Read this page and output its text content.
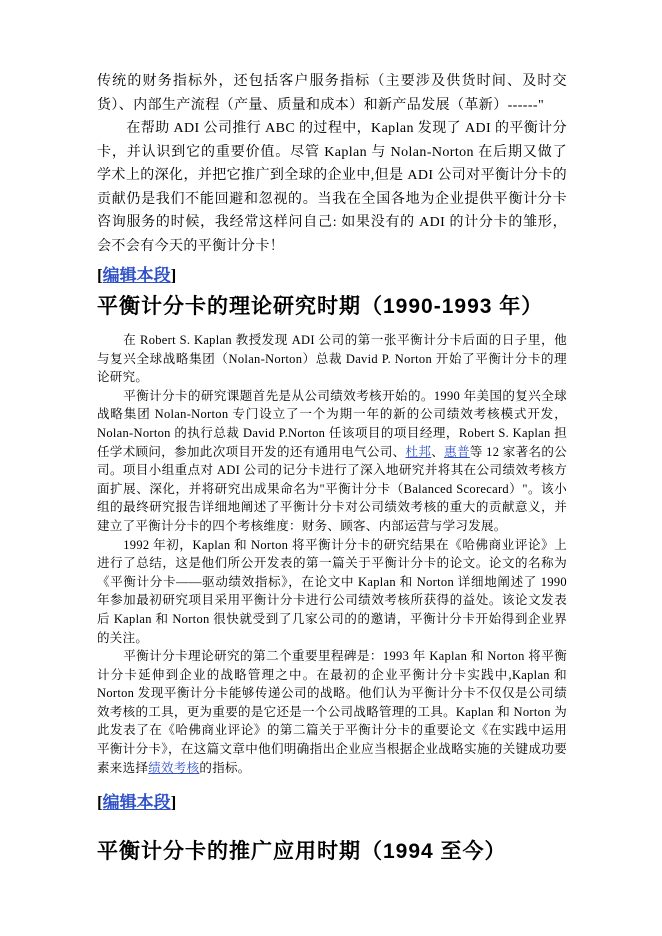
传统的财务指标外，还包括客户服务指标（主要涉及供货时间、及时交货）、内部生产流程（产量、质量和成本）和新产品发展（革新）------"

在帮助 ADI 公司推行 ABC 的过程中，Kaplan 发现了 ADI 的平衡计分卡，并认识到它的重要价值。尽管 Kaplan 与 Nolan-Norton 在后期又做了学术上的深化，并把它推广到全球的企业中,但是 ADI 公司对平衡计分卡的贡献仍是我们不能回避和忽视的。当我在全国各地为企业提供平衡计分卡咨询服务的时候，我经常这样问自己: 如果没有的 ADI 的计分卡的雏形，会不会有今天的平衡计分卡！

[编辑本段]
平衡计分卡的理论研究时期（1990-1993 年）

在 Robert S. Kaplan 教授发现 ADI 公司的第一张平衡计分卡后面的日子里，他与复兴全球战略集团（Nolan-Norton）总裁 David P. Norton 开始了平衡计分卡的理论研究。

平衡计分卡的研究课题首先是从公司绩效考核开始的。1990 年美国的复兴全球战略集团 Nolan-Norton 专门设立了一个为期一年的新的公司绩效考核模式开发，Nolan-Norton 的执行总裁 David P.Norton 任该项目的项目经理，Robert S. Kaplan 担任学术顾问，参加此次项目开发的还有通用电气公司、杜邦、惠普等 12 家著名的公司。项目小组重点对 ADI 公司的记分卡进行了深入地研究并将其在公司绩效考核方面扩展、深化，并将研究出成果命名为"平衡计分卡（Balanced Scorecard）"。该小组的最终研究报告详细地阐述了平衡计分卡对公司绩效考核的重大的贡献意义，并建立了平衡计分卡的四个考核维度：财务、顾客、内部运营与学习发展。

1992 年初，Kaplan 和 Norton 将平衡计分卡的研究结果在《哈佛商业评论》上进行了总结，这是他们所公开发表的第一篇关于平衡计分卡的论文。论文的名称为《平衡计分卡——驱动绩效指标》，在论文中 Kaplan 和 Norton 详细地阐述了 1990 年参加最初研究项目采用平衡计分卡进行公司绩效考核所获得的益处。该论文发表后 Kaplan 和 Norton 很快就受到了几家公司的的邀请，平衡计分卡开始得到企业界的关注。

平衡计分卡理论研究的第二个重要里程碑是：1993 年 Kaplan 和 Norton 将平衡计分卡延伸到企业的战略管理之中。在最初的企业平衡计分卡实践中,Kaplan 和 Norton 发现平衡计分卡能够传递公司的战略。他们认为平衡计分卡不仅仅是公司绩效考核的工具，更为重要的是它还是一个公司战略管理的工具。Kaplan 和 Norton 为此发表了在《哈佛商业评论》的第二篇关于平衡计分卡的重要论文《在实践中运用平衡计分卡》，在这篇文章中他们明确指出企业应当根据企业战略实施的关键成功要素来选择绩效考核的指标。

[编辑本段]
平衡计分卡的推广应用时期（1994 至今）
